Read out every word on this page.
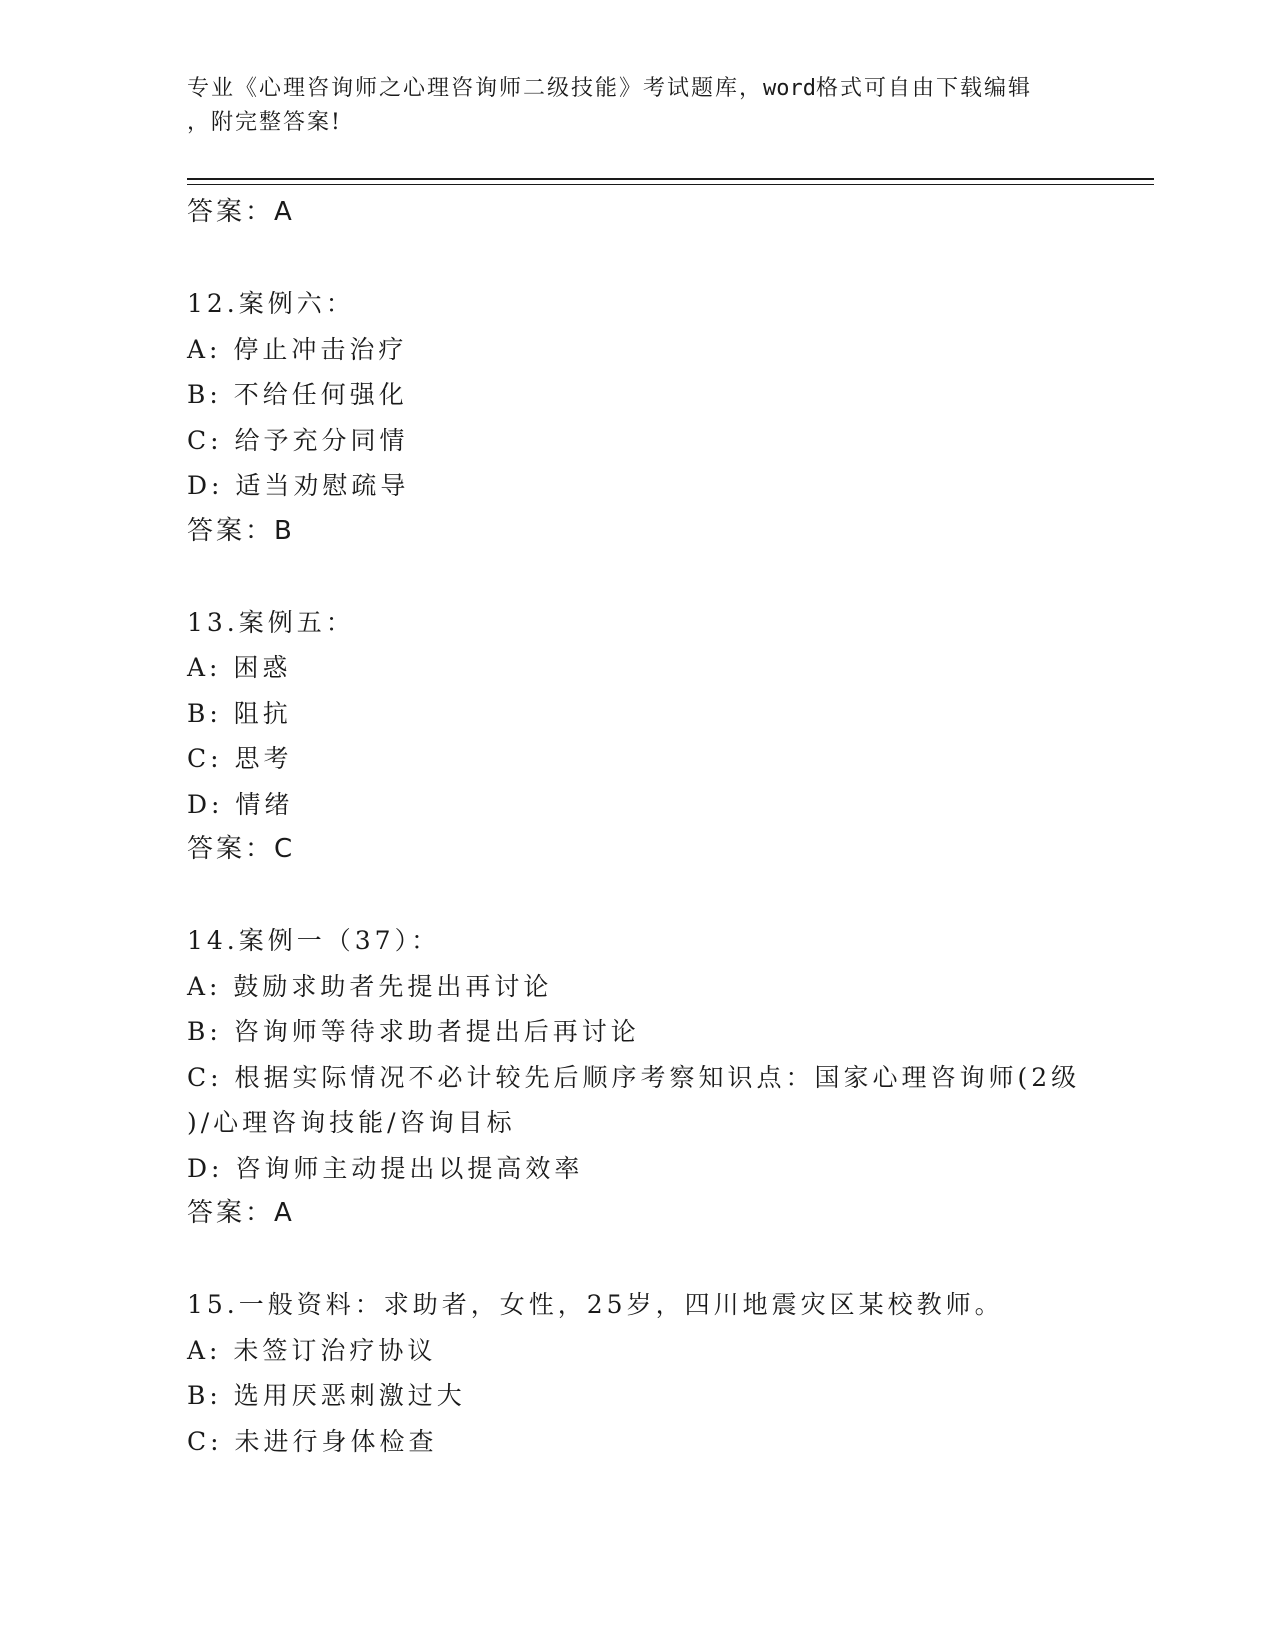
专业《心理咨询师之心理咨询师二级技能》考试题库，word格式可自由下载编辑
，附完整答案!
答案：A
12.案例六：
A: 停止冲击治疗
B: 不给任何强化
C: 给予充分同情
D: 适当劝慰疏导
答案：B
13.案例五：
A: 困惑
B: 阻抗
C: 思考
D: 情绪
答案：C
14.案例一（37）：
A: 鼓励求助者先提出再讨论
B: 咨询师等待求助者提出后再讨论
C: 根据实际情况不必计较先后顺序考察知识点：国家心理咨询师(2级
)/心理咨询技能/咨询目标
D: 咨询师主动提出以提高效率
答案：A
15.一般资料：求助者，女性，25岁，四川地震灾区某校教师。
A: 未签订治疗协议
B: 选用厌恶刺激过大
C: 未进行身体检查
